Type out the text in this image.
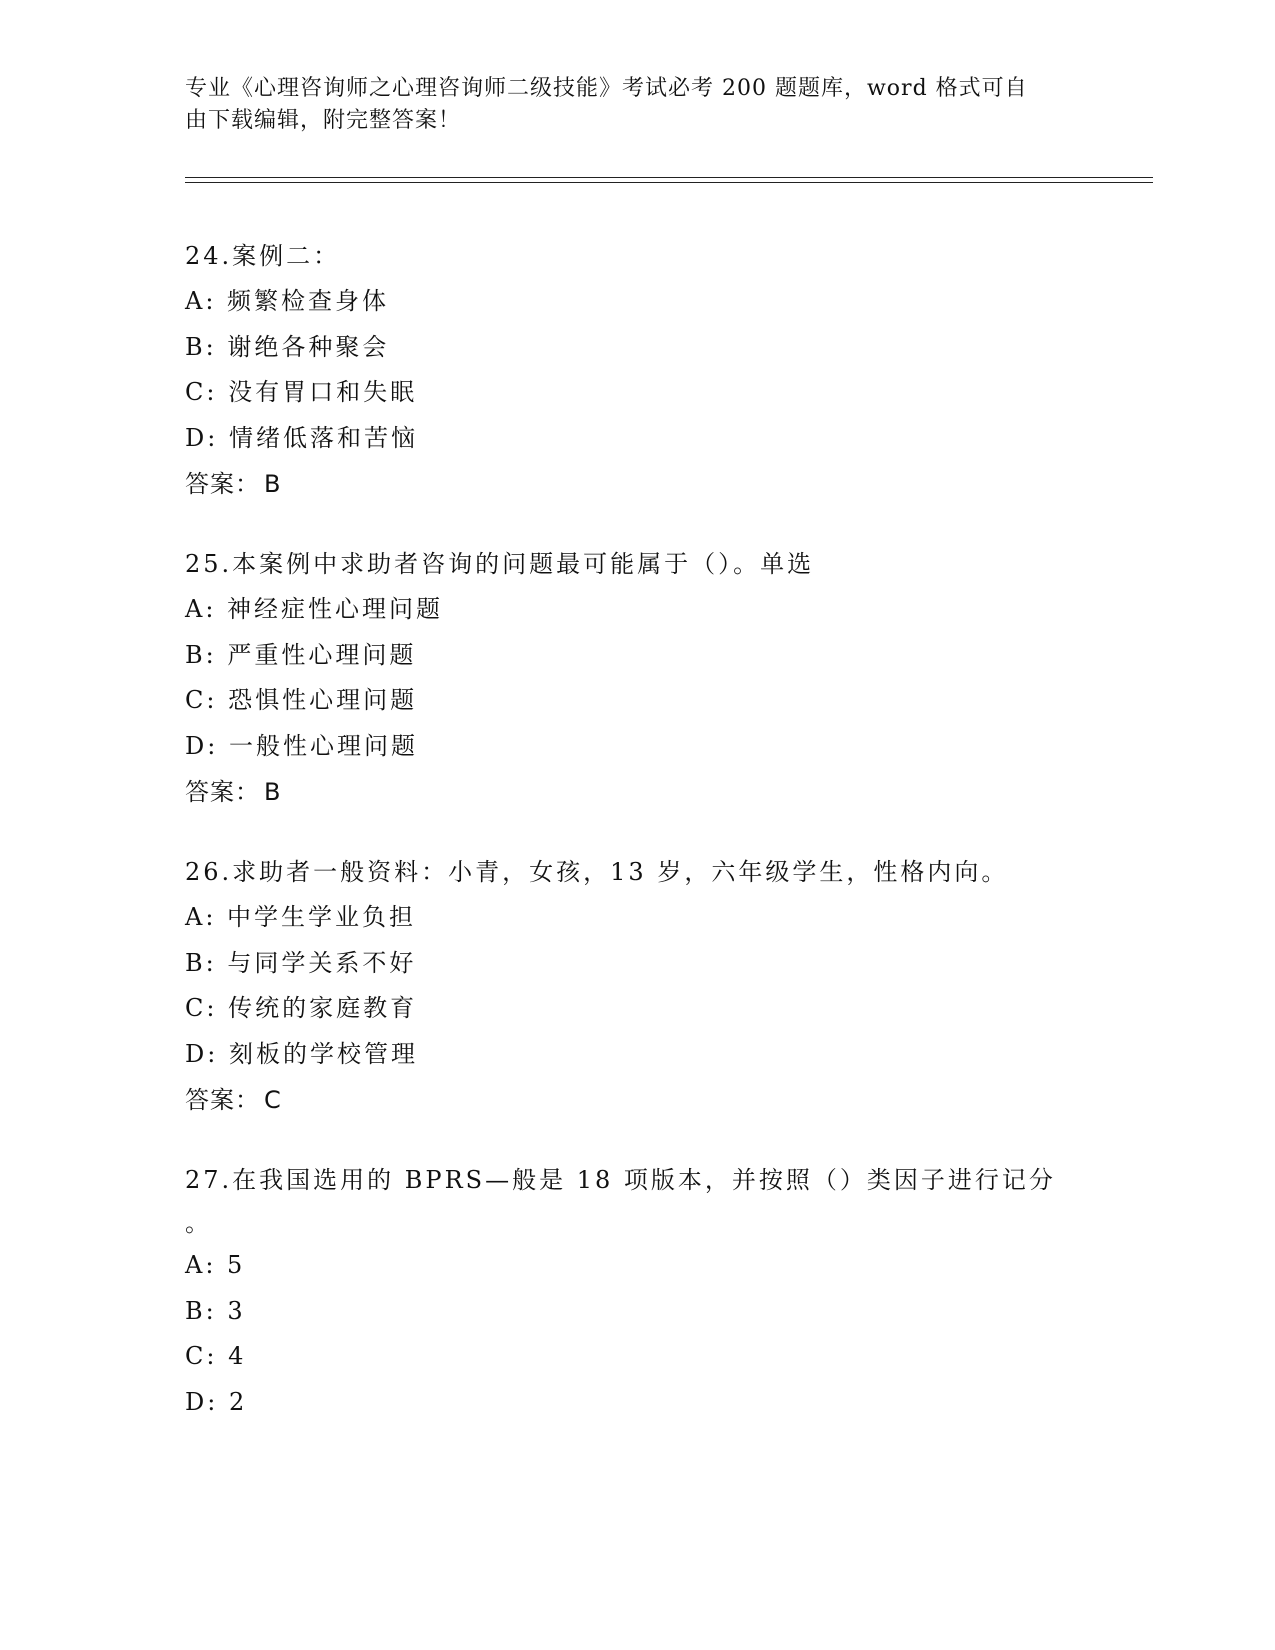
专业《心理咨询师之心理咨询师二级技能》考试必考 200 题题库，word 格式可自
由下载编辑，附完整答案！
24.案例二：
A: 频繁检查身体
B: 谢绝各种聚会
C: 没有胃口和失眠
D: 情绪低落和苦恼
答案： B
25.本案例中求助者咨询的问题最可能属于（）。单选
A: 神经症性心理问题
B: 严重性心理问题
C: 恐惧性心理问题
D: 一般性心理问题
答案： B
26.求助者一般资料：小青，女孩，13 岁，六年级学生，性格内向。
A: 中学生学业负担
B: 与同学关系不好
C: 传统的家庭教育
D: 刻板的学校管理
答案： C
27.在我国选用的 BPRS—般是 18 项版本，并按照（）类因子进行记分
。
A: 5
B: 3
C: 4
D: 2
